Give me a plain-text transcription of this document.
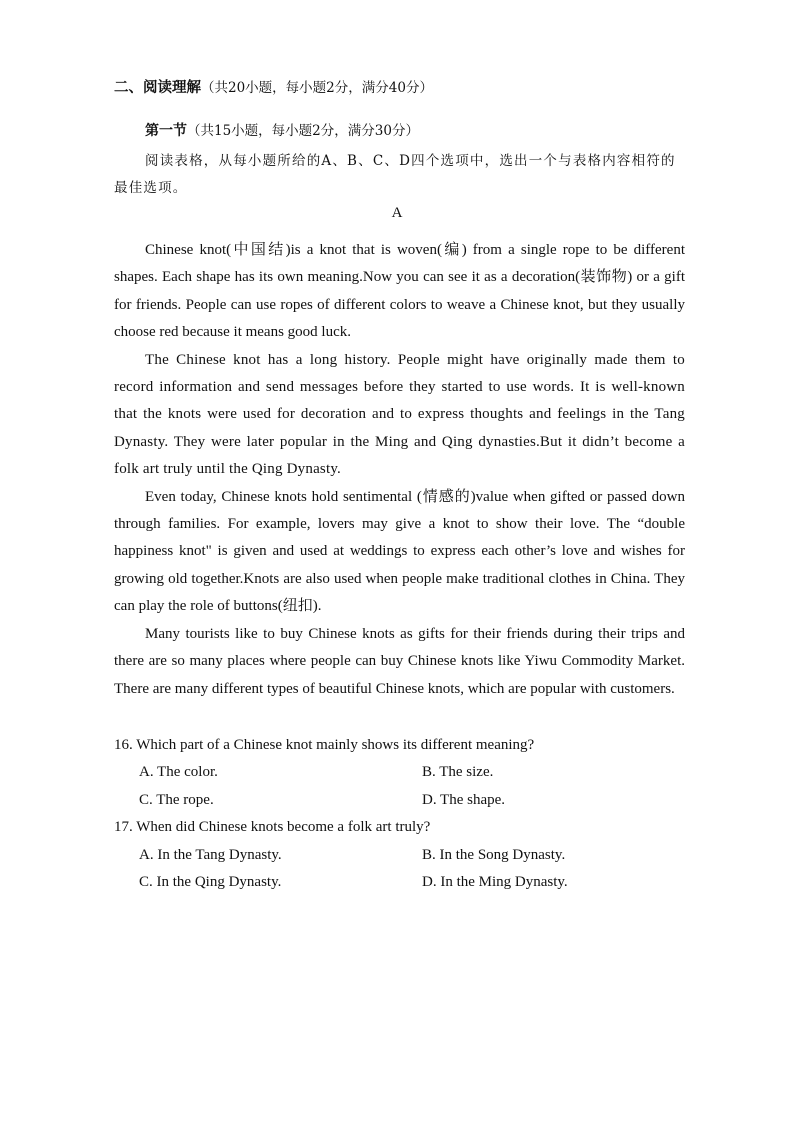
二、阅读理解（共20小题，每小题2分，满分40分）
第一节（共15小题，每小题2分，满分30分）
阅读表格，从每小题所给的A、B、C、D四个选项中，选出一个与表格内容相符的最佳选项。
A

Chinese knot(中国结)is a knot that is woven(编) from a single rope to be different shapes. Each shape has its own meaning.Now you can see it as a decoration(装饰物) or a gift for friends. People can use ropes of different colors to weave a Chinese knot, but they usually choose red because it means good luck.

The Chinese knot has a long history. People might have originally made them to record information and send messages before they started to use words. It is well-known that the knots were used for decoration and to express thoughts and feelings in the Tang Dynasty. They were later popular in the Ming and Qing dynasties.But it didn’t become a folk art truly until the Qing Dynasty.

Even today, Chinese knots hold sentimental (情感的)value when gifted or passed down through families. For example, lovers may give a knot to show their love. The “double happiness knot" is given and used at weddings to express each other’s love and wishes for growing old together.Knots are also used when people make traditional clothes in China. They can play the role of buttons(纽扣).

Many tourists like to buy Chinese knots as gifts for their friends during their trips and there are so many places where people can buy Chinese knots like Yiwu Commodity Market. There are many different types of beautiful Chinese knots, which are popular with customers.

16. Which part of a Chinese knot mainly shows its different meaning?
A. The color.	B. The size.
C. The rope.	D. The shape.
17. When did Chinese knots become a folk art truly?
A. In the Tang Dynasty.	B. In the Song Dynasty.
C. In the Qing Dynasty.	D. In the Ming Dynasty.
